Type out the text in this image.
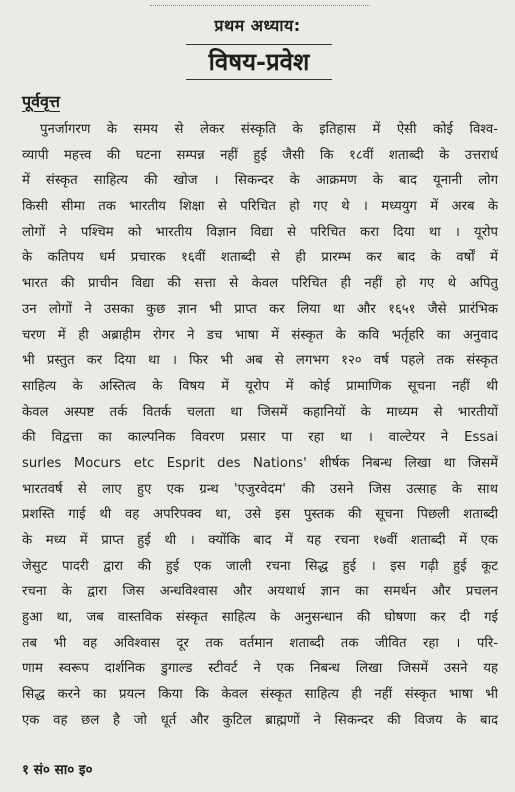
प्रथम अध्याय:
विषय-प्रवेश
पूर्ववृत्त
पुनर्जागरण के समय से लेकर संस्कृति के इतिहास में ऐसी कोई विश्व-
व्यापी महत्त्व की घटना सम्पन्न नहीं हुई जैसी कि १८वीं शताब्दी के उत्तरार्ध
में संस्कृत साहित्य की खोज । सिकन्दर के आक्रमण के बाद यूनानी लोग
किसी सीमा तक भारतीय शिक्षा से परिचित हो गए थे । मध्ययुग में अरब के
लोगों ने पश्चिम को भारतीय विज्ञान विद्या से परिचित करा दिया था । यूरोप
के कतिपय धर्म प्रचारक १६वीं शताब्दी से ही प्रारम्भ कर बाद के वर्षों में
भारत की प्राचीन विद्या की सत्ता से केवल परिचित ही नहीं हो गए थे अपितु
उन लोगों ने उसका कुछ ज्ञान भी प्राप्त कर लिया था और १६५१ जैसे प्रारंभिक
चरण में ही अब्राहीम रोगर ने डच भाषा में संस्कृत के कवि भर्तृहरि का अनुवाद
भी प्रस्तुत कर दिया था । फिर भी अब से लगभग १२० वर्ष पहले तक संस्कृत
साहित्य के अस्तित्व के विषय में यूरोप में कोई प्रामाणिक सूचना नहीं थी
केवल अस्पष्ट तर्क वितर्क चलता था जिसमें कहानियों के माध्यम से भारतीयों
की विद्वत्ता का काल्पनिक विवरण प्रसार पा रहा था । वाल्टेयर ने Essai
surles Mocurs etc Esprit des Nations' शीर्षक निबन्ध लिखा था जिसमें
भारतवर्ष से लाए हुए एक ग्रन्थ 'एजुरवेदम' की उसने जिस उत्साह के साथ
प्रशस्ति गाई थी वह अपरिपक्व था, उसे इस पुस्तक की सूचना पिछली शताब्दी
के मध्य में प्राप्त हुई थी । क्योंकि बाद में यह रचना १७वीं शताब्दी में एक
जेसुट पादरी द्वारा की हुई एक जाली रचना सिद्ध हुई । इस गढ़ी हुई कूट
रचना के द्वारा जिस अन्धविश्वास और अयथार्थ ज्ञान का समर्थन और प्रचलन
हुआ था, जब वास्तविक संस्कृत साहित्य के अनुसन्धान की घोषणा कर दी गई
तब भी वह अविश्वास दूर तक वर्तमान शताब्दी तक जीवित रहा । परि-
णाम स्वरूप दार्शनिक डुगाल्ड स्टीवर्ट ने एक निबन्ध लिखा जिसमें उसने यह
सिद्ध करने का प्रयत्न किया कि केवल संस्कृत साहित्य ही नहीं संस्कृत भाषा भी
एक वह छल है जो धूर्त और कुटिल ब्राह्मणों ने सिकन्दर की विजय के बाद
१ सं० सा० इ०
